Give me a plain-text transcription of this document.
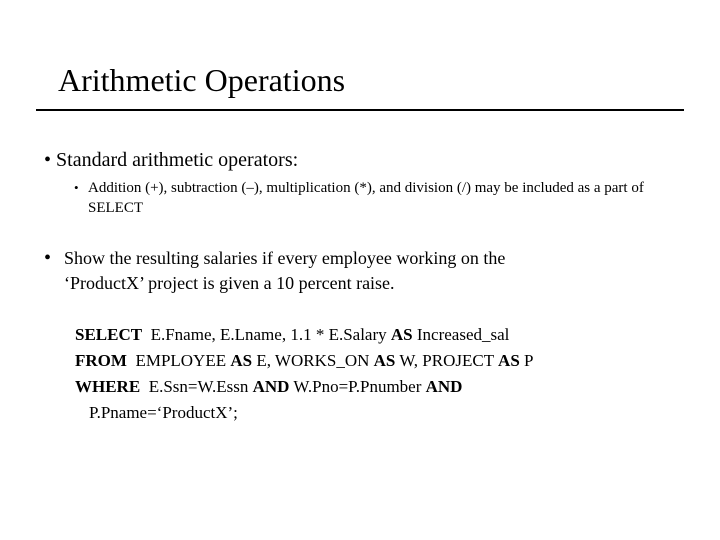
Arithmetic Operations
• Standard arithmetic operators:
• Addition (+), subtraction (–), multiplication (*), and division (/) may be included as a part of SELECT
• Show the resulting salaries if every employee working on the
‘ProductX’ project is given a 10 percent raise.
SELECT E.Fname, E.Lname, 1.1 * E.Salary AS Increased_sal
FROM EMPLOYEE AS E, WORKS_ON AS W, PROJECT AS P
WHERE E.Ssn=W.Essn AND W.Pno=P.Pnumber AND
P.Pname=‘ProductX’;
